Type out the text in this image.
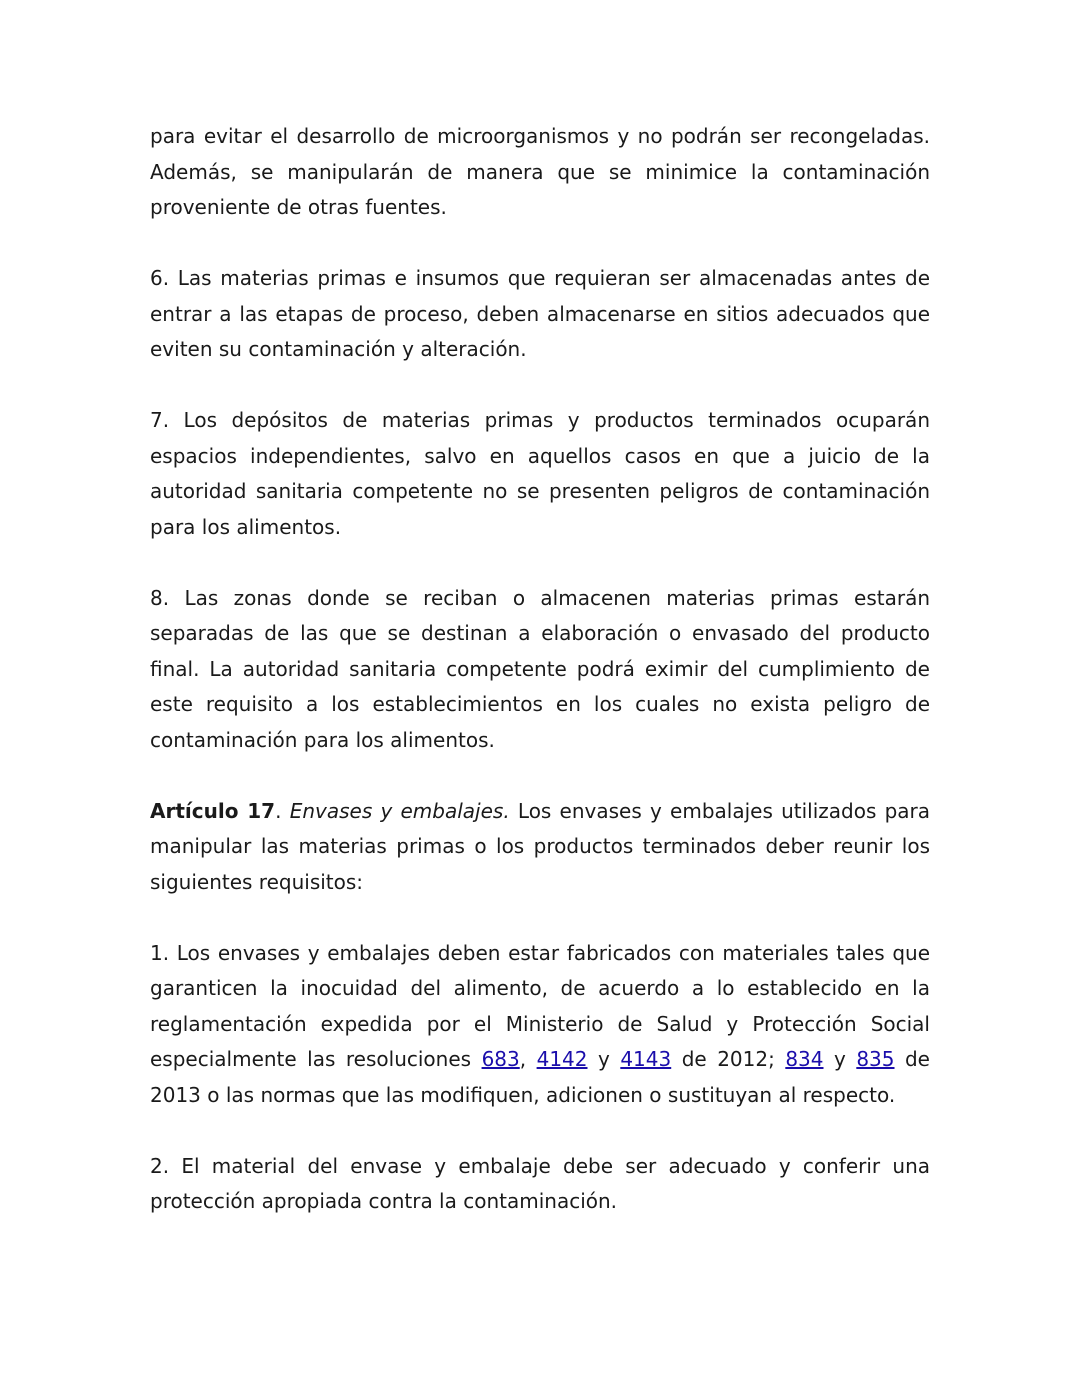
para evitar el desarrollo de microorganismos y no podrán ser recongeladas. Además, se manipularán de manera que se minimice la contaminación proveniente de otras fuentes.

6. Las materias primas e insumos que requieran ser almacenadas antes de entrar a las etapas de proceso, deben almacenarse en sitios adecuados que eviten su contaminación y alteración.

7. Los depósitos de materias primas y productos terminados ocuparán espacios independientes, salvo en aquellos casos en que a juicio de la autoridad sanitaria competente no se presenten peligros de contaminación para los alimentos.

8. Las zonas donde se reciban o almacenen materias primas estarán separadas de las que se destinan a elaboración o envasado del producto final. La autoridad sanitaria competente podrá eximir del cumplimiento de este requisito a los establecimientos en los cuales no exista peligro de contaminación para los alimentos.

Artículo 17. Envases y embalajes. Los envases y embalajes utilizados para manipular las materias primas o los productos terminados deber reunir los siguientes requisitos:

1. Los envases y embalajes deben estar fabricados con materiales tales que garanticen la inocuidad del alimento, de acuerdo a lo establecido en la reglamentación expedida por el Ministerio de Salud y Protección Social especialmente las resoluciones 683, 4142 y 4143 de 2012; 834 y 835 de 2013 o las normas que las modifiquen, adicionen o sustituyan al respecto.

2. El material del envase y embalaje debe ser adecuado y conferir una protección apropiada contra la contaminación.
